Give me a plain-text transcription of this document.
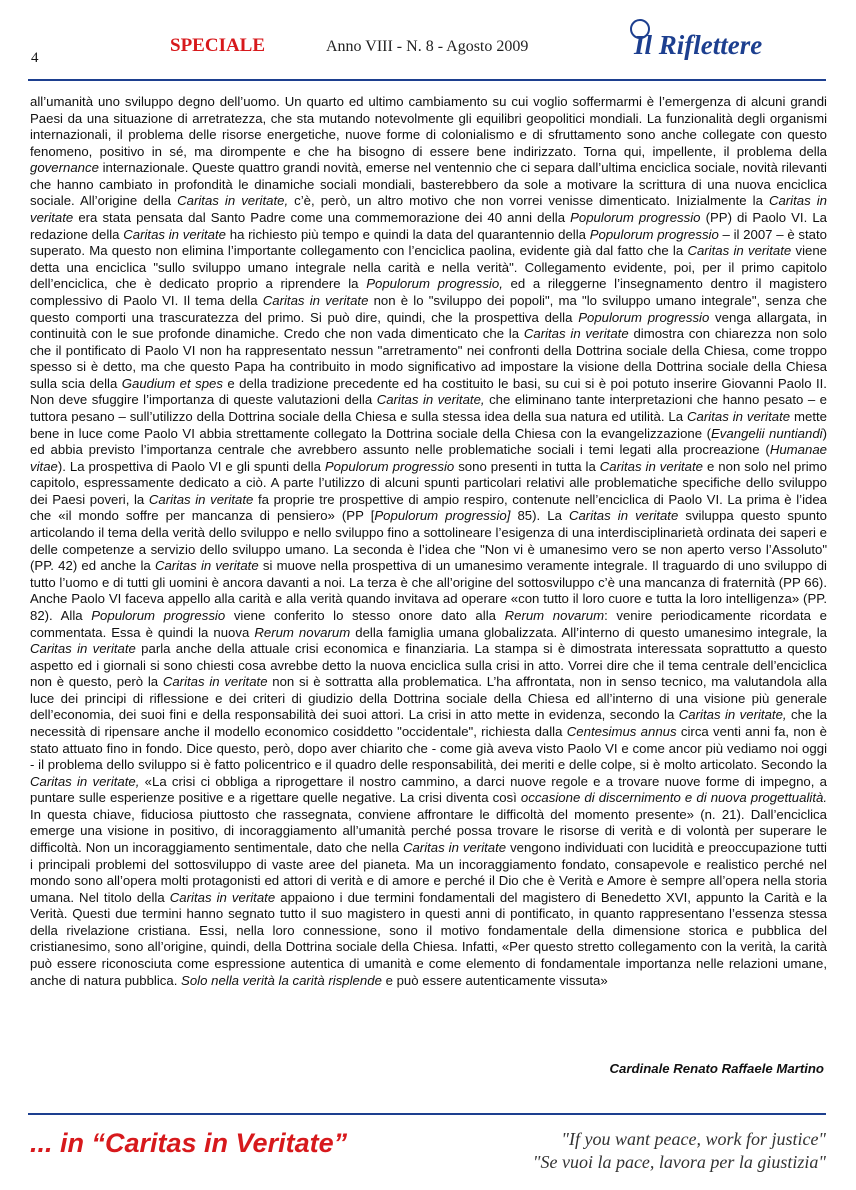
4
SPECIALE	Anno VIII - N. 8 - Agosto 2009	Il Riflettere

all’umanità uno sviluppo degno dell’uomo. Un quarto ed ultimo cambiamento su cui voglio soffermarmi è l’emergenza di alcuni grandi Paesi da una situazione di arretratezza, che sta mutando notevolmente gli equilibri geopolitici mondiali. La funzionalità degli organismi internazionali, il problema delle risorse energetiche, nuove forme di colonialismo e di sfruttamento sono anche collegate con questo fenomeno, positivo in sé, ma dirompente e che ha bisogno di essere bene indirizzato. Torna qui, impellente, il problema della governance internazionale. Queste quattro grandi novità, emerse nel ventennio che ci separa dall’ultima enciclica sociale, novità rilevanti che hanno cambiato in profondità le dinamiche sociali mondiali, basterebbero da sole a motivare la scrittura di una nuova enciclica sociale. All’origine della Caritas in veritate, c’è, però, un altro motivo che non vorrei venisse dimenticato. Inizialmente la Caritas in veritate era stata pensata dal Santo Padre come una commemorazione dei 40 anni della Populorum progressio (PP) di Paolo VI. La redazione della Caritas in veritate ha richiesto più tempo e quindi la data del quarantennio della Populorum progressio – il 2007 – è stato superato. Ma questo non elimina l’importante collegamento con l’enciclica paolina, evidente già dal fatto che la Caritas in veritate viene detta una enciclica "sullo sviluppo umano integrale nella carità e nella verità". Collegamento evidente, poi, per il primo capitolo dell’enciclica, che è dedicato proprio a riprendere la Populorum progressio, ed a rileggerne l’insegnamento dentro il magistero complessivo di Paolo VI. Il tema della Caritas in veritate non è lo "sviluppo dei popoli", ma "lo sviluppo umano integrale", senza che questo comporti una trascuratezza del primo. Si può dire, quindi, che la prospettiva della Populorum progressio venga allargata, in continuità con le sue profonde dinamiche. Credo che non vada dimenticato che la Caritas in veritate dimostra con chiarezza non solo che il pontificato di Paolo VI non ha rappresentato nessun "arretramento" nei confronti della Dottrina sociale della Chiesa, come troppo spesso si è detto, ma che questo Papa ha contribuito in modo significativo ad impostare la visione della Dottrina sociale della Chiesa sulla scia della Gaudium et spes e della tradizione precedente ed ha costituito le basi, su cui si è poi potuto inserire Giovanni Paolo II. Non deve sfuggire l’importanza di queste valutazioni della Caritas in veritate, che eliminano tante interpretazioni che hanno pesato – e tuttora pesano – sull’utilizzo della Dottrina sociale della Chiesa e sulla stessa idea della sua natura ed utilità. La Caritas in veritate mette bene in luce come Paolo VI abbia strettamente collegato la Dottrina sociale della Chiesa con la evangelizzazione (Evangelii nuntiandi) ed abbia previsto l’importanza centrale che avrebbero assunto nelle problematiche sociali i temi legati alla procreazione (Humanae vitae). La prospettiva di Paolo VI e gli spunti della Populorum progressio sono presenti in tutta la Caritas in veritate e non solo nel primo capitolo, espressamente dedicato a ciò. A parte l’utilizzo di alcuni spunti particolari relativi alle problematiche specifiche dello sviluppo dei Paesi poveri, la Caritas in veritate fa proprie tre prospettive di ampio respiro, contenute nell’enciclica di Paolo VI. La prima è l’idea che «il mondo soffre per mancanza di pensiero» (PP [Populorum progressio] 85). La Caritas in veritate sviluppa questo spunto articolando il tema della verità dello sviluppo e nello sviluppo fino a sottolineare l’esigenza di una interdisciplinarietà ordinata dei saperi e delle competenze a servizio dello sviluppo umano. La seconda è l’idea che "Non vi è umanesimo vero se non aperto verso l’Assoluto" (PP. 42) ed anche la Caritas in veritate si muove nella prospettiva di un umanesimo veramente integrale. Il traguardo di uno sviluppo di tutto l’uomo e di tutti gli uomini è ancora davanti a noi. La terza è che all’origine del sottosviluppo c’è una mancanza di fraternità (PP 66). Anche Paolo VI faceva appello alla carità e alla verità quando invitava ad operare «con tutto il loro cuore e tutta la loro intelligenza» (PP. 82). Alla Populorum progressio viene conferito lo stesso onore dato alla Rerum novarum: venire periodicamente ricordata e commentata. Essa è quindi la nuova Rerum novarum della famiglia umana globalizzata. All’interno di questo umanesimo integrale, la Caritas in veritate parla anche della attuale crisi economica e finanziaria. La stampa si è dimostrata interessata soprattutto a questo aspetto ed i giornali si sono chiesti cosa avrebbe detto la nuova enciclica sulla crisi in atto. Vorrei dire che il tema centrale dell’enciclica non è questo, però la Caritas in veritate non si è sottratta alla problematica. L’ha affrontata, non in senso tecnico, ma valutandola alla luce dei principi di riflessione e dei criteri di giudizio della Dottrina sociale della Chiesa ed all’interno di una visione più generale dell’economia, dei suoi fini e della responsabilità dei suoi attori. La crisi in atto mette in evidenza, secondo la Caritas in veritate, che la necessità di ripensare anche il modello economico cosiddetto "occidentale", richiesta dalla Centesimus annus circa venti anni fa, non è stato attuato fino in fondo. Dice questo, però, dopo aver chiarito che - come già aveva visto Paolo VI e come ancor più vediamo noi oggi - il problema dello sviluppo si è fatto policentrico e il quadro delle responsabilità, dei meriti e delle colpe, si è molto articolato. Secondo la Caritas in veritate, «La crisi ci obbliga a riprogettare il nostro cammino, a darci nuove regole e a trovare nuove forme di impegno, a puntare sulle esperienze positive e a rigettare quelle negative. La crisi diventa così occasione di discernimento e di nuova progettualità. In questa chiave, fiduciosa piuttosto che rassegnata, conviene affrontare le difficoltà del momento presente» (n. 21). Dall’enciclica emerge una visione in positivo, di incoraggiamento all’umanità perché possa trovare le risorse di verità e di volontà per superare le difficoltà. Non un incoraggiamento sentimentale, dato che nella Caritas in veritate vengono individuati con lucidità e preoccupazione tutti i principali problemi del sottosviluppo di vaste aree del pianeta. Ma un incoraggiamento fondato, consapevole e realistico perché nel mondo sono all’opera molti protagonisti ed attori di verità e di amore e perché il Dio che è Verità e Amore è sempre all’opera nella storia umana. Nel titolo della Caritas in veritate appaiono i due termini fondamentali del magistero di Benedetto XVI, appunto la Carità e la Verità. Questi due termini hanno segnato tutto il suo magistero in questi anni di pontificato, in quanto rappresentano l’essenza stessa della rivelazione cristiana. Essi, nella loro connessione, sono il motivo fondamentale della dimensione storica e pubblica del cristianesimo, sono all’origine, quindi, della Dottrina sociale della Chiesa. Infatti, «Per questo stretto collegamento con la verità, la carità può essere riconosciuta come espressione autentica di umanità e come elemento di fondamentale importanza nelle relazioni umane, anche di natura pubblica. Solo nella verità la carità risplende e può essere autenticamente vissuta»

Cardinale Renato Raffaele Martino
... in “Caritas in Veritate”	"If you want peace, work for justice"
"Se vuoi la pace, lavora per la giustizia"
